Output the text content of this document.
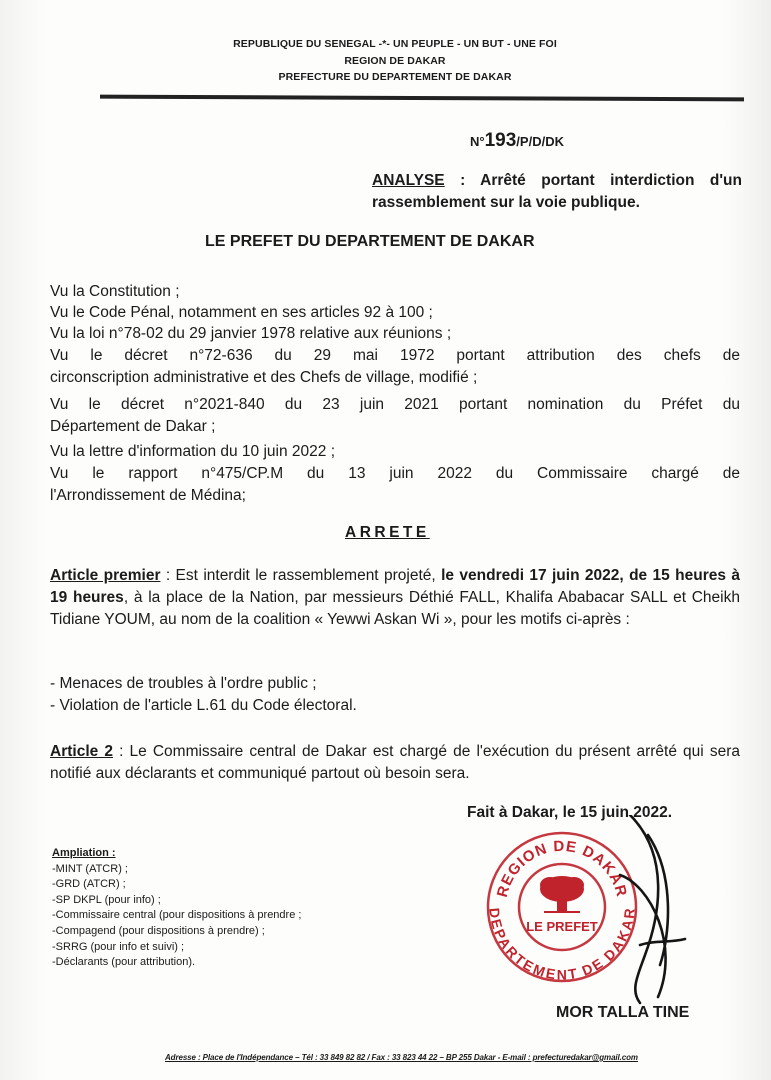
REPUBLIQUE DU SENEGAL -*- UN PEUPLE - UN BUT - UNE FOI
REGION DE DAKAR
PREFECTURE DU DEPARTEMENT DE DAKAR
N°193/P/D/DK
ANALYSE : Arrêté portant interdiction d'un rassemblement sur la voie publique.
LE PREFET DU DEPARTEMENT DE DAKAR
Vu la Constitution ;
Vu le Code Pénal, notamment en ses articles 92 à 100 ;
Vu la loi n°78-02 du 29 janvier 1978 relative aux réunions ;
Vu le décret n°72-636 du 29 mai 1972 portant attribution des chefs de
circonscription administrative et des Chefs de village, modifié ;
Vu le décret n°2021-840 du 23 juin 2021 portant nomination du Préfet du
Département de Dakar ;
Vu la lettre d'information du 10 juin 2022 ;
Vu le rapport n°475/CP.M du 13 juin 2022 du Commissaire chargé de
l'Arrondissement de Médina;
ARRETE
Article premier : Est interdit le rassemblement projeté, le vendredi 17 juin 2022, de 15 heures à 19 heures, à la place de la Nation, par messieurs Déthié FALL, Khalifa Ababacar SALL et Cheikh Tidiane YOUM, au nom de la coalition « Yewwi Askan Wi », pour les motifs ci-après :
- Menaces de troubles à l'ordre public ;
- Violation de l'article L.61 du Code électoral.
Article 2 : Le Commissaire central de Dakar est chargé de l'exécution du présent arrêté qui sera notifié aux déclarants et communiqué partout où besoin sera.
Fait à Dakar, le 15 juin 2022.
Ampliation :
-MINT (ATCR) ;
-GRD (ATCR) ;
-SP DKPL (pour info) ;
-Commissaire central (pour dispositions à prendre ;
-Compagend (pour dispositions à prendre) ;
-SRRG (pour info et suivi) ;
-Déclarants (pour attribution).
REGION DE DAKAR
DEPARTEMENT DE DAKAR
LE PREFET
MOR TALLA TINE
Adresse : Place de l'Indépendance – Tél : 33 849 82 82 / Fax : 33 823 44 22 – BP 255 Dakar - E-mail : prefecturedakar@gmail.com
